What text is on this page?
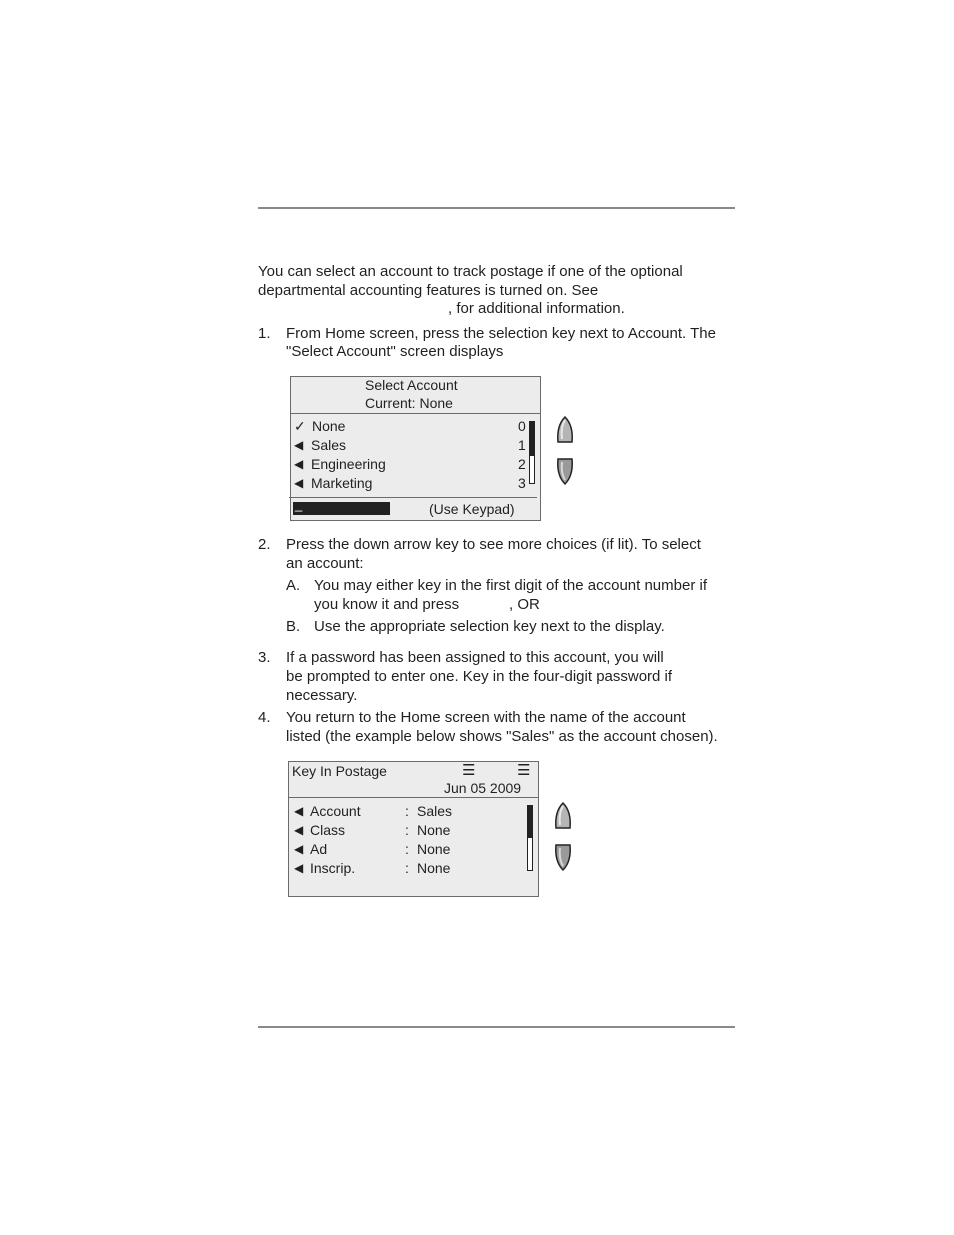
You can select an account to track postage if one of the optional
departmental accounting features is turned on. See
, for additional information.
1. From Home screen, press the selection key next to Account. The
"Select Account" screen displays
Select Account
Current: None
✓ None	0
◀ Sales	1
◀ Engineering	2
◀ Marketing	3
_	(Use Keypad)
2. Press the down arrow key to see more choices (if lit). To select
an account:
A. You may either key in the first digit of the account number if
you know it and press	, OR
B. Use the appropriate selection key next to the display.
3. If a password has been assigned to this account, you will
be prompted to enter one. Key in the four-digit password if
necessary.
4. You return to the Home screen with the name of the account
listed (the example below shows "Sales" as the account chosen).
Key In Postage	☰	☰
Jun 05 2009
◀ Account	: Sales
◀ Class	: None
◀ Ad	: None
◀ Inscrip.	: None
